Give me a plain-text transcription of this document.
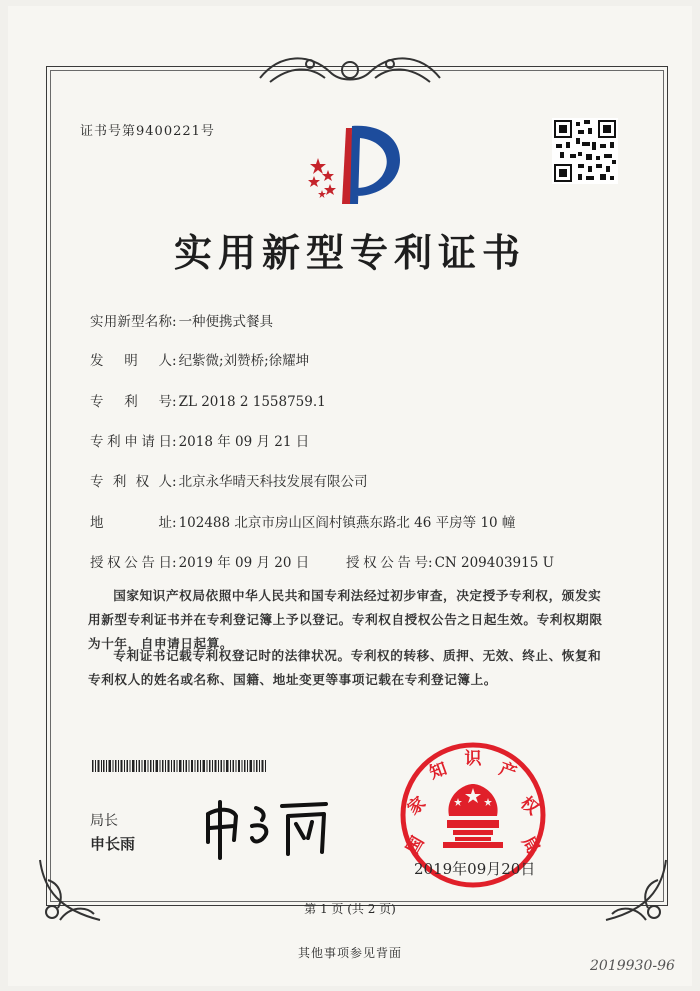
证书号第9400221号
实用新型专利证书
实用新型名称: 一种便携式餐具
发明人: 纪紫微;刘赞桥;徐耀坤
专利号: ZL 2018 2 1558759.1
专利申请日: 2018 年 09 月 21 日
专利权人: 北京永华晴天科技发展有限公司
地址: 102488 北京市房山区阎村镇燕东路北 46 平房等 10 幢
授权公告日: 2019 年 09 月 20 日	授权公告号: CN 209403915 U
国家知识产权局依照中华人民共和国专利法经过初步审查，决定授予专利权，颁发实用新型专利证书并在专利登记簿上予以登记。专利权自授权公告之日起生效。专利权期限为十年，自申请日起算。
专利证书记载专利权登记时的法律状况。专利权的转移、质押、无效、终止、恢复和专利权人的姓名或名称、国籍、地址变更等事项记载在专利登记簿上。
局长
申长雨	国
家
知 识 产
权
局
2019年09月20日
第 1 页 (共 2 页)
其他事项参见背面
2019930-96
